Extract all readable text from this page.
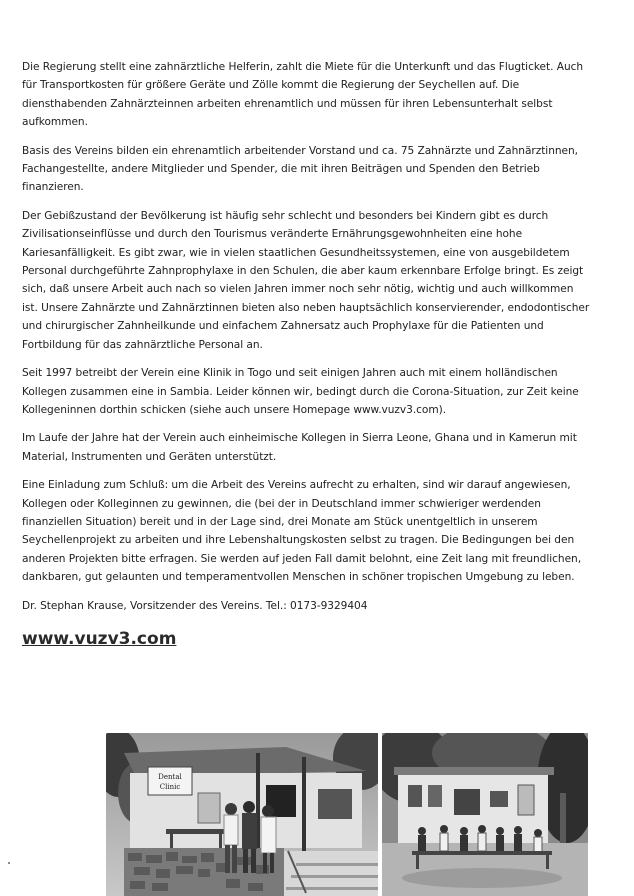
Die Regierung stellt eine zahnärztliche Helferin, zahlt die Miete für die Unterkunft und das Flugticket. Auch für Transportkosten für größere Geräte und Zölle kommt die Regierung der Seychellen auf. Die diensthabenden Zahnärzteinnen arbeiten ehrenamtlich und müssen für ihren Lebensunterhalt selbst aufkommen.

Basis des Vereins bilden ein ehrenamtlich arbeitender Vorstand und ca. 75 Zahnärzte und Zahnärztinnen, Fachangestellte, andere Mitglieder und Spender, die mit ihren Beiträgen und Spenden den Betrieb finanzieren.

Der Gebißzustand der Bevölkerung ist häufig sehr schlecht und besonders bei Kindern gibt es durch Zivilisationseinflüsse und durch den Tourismus veränderte Ernährungsgewohnheiten eine hohe Kariesanfälligkeit. Es gibt zwar, wie in vielen staatlichen Gesundheitssystemen, eine von ausgebildetem Personal durchgeführte Zahnprophylaxe in den Schulen, die aber kaum erkennbare Erfolge bringt. Es zeigt sich, daß unsere Arbeit auch nach so vielen Jahren immer noch sehr nötig, wichtig und auch willkommen ist. Unsere Zahnärzte und Zahnärztinnen bieten also neben hauptsächlich konservierender, endodontischer und chirurgischer Zahnheilkunde und einfachem Zahnersatz auch Prophylaxe für die Patienten und Fortbildung für das zahnärztliche Personal an.

Seit 1997 betreibt der Verein eine Klinik in Togo und seit einigen Jahren auch mit einem holländischen Kollegen zusammen eine in Sambia. Leider können wir, bedingt durch die Corona-Situation, zur Zeit keine Kollegeninnen dorthin schicken (siehe auch unsere Homepage www.vuzv3.com).

Im Laufe der Jahre hat der Verein auch einheimische Kollegen in Sierra Leone, Ghana und in Kamerun mit Material, Instrumenten und Geräten unterstützt.

Eine Einladung zum Schluß: um die Arbeit des Vereins aufrecht zu erhalten, sind wir darauf angewiesen, Kollegen oder Kolleginnen zu gewinnen, die (bei der in Deutschland immer schwieriger werdenden finanziellen Situation) bereit und in der Lage sind, drei Monate am Stück unentgeltlich in unserem Seychellenprojekt zu arbeiten und ihre Lebenshaltungskosten selbst zu tragen. Die Bedingungen bei den anderen Projekten bitte erfragen. Sie werden auf jeden Fall damit belohnt, eine Zeit lang mit freundlichen, dankbaren, gut gelaunten und temperamentvollen Menschen in schöner tropischen Umgebung zu leben.

Dr. Stephan Krause, Vorsitzender des Vereins. Tel.: 0173-9329404

www.vuzv3.com
Dental
Clinic
